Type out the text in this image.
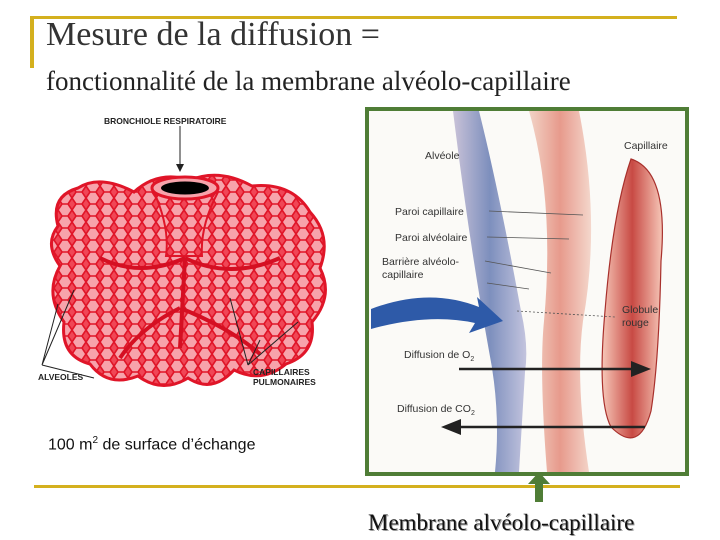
Mesure de la diffusion =
fonctionnalité de la membrane alvéolo-capillaire
BRONCHIOLE RESPIRATOIRE
ALVEOLES	CAPILLAIRES
PULMONAIRES
100 $m^2$ de surface d’échange
Alvéole
Capillaire
Paroi capillaire
Paroi alvéolaire
Barrière alvéolo-
capillaire
Globule
rouge
Diffusion de $O_2$
Diffusion de $CO_2$
Membrane alvéolo-capillaire
